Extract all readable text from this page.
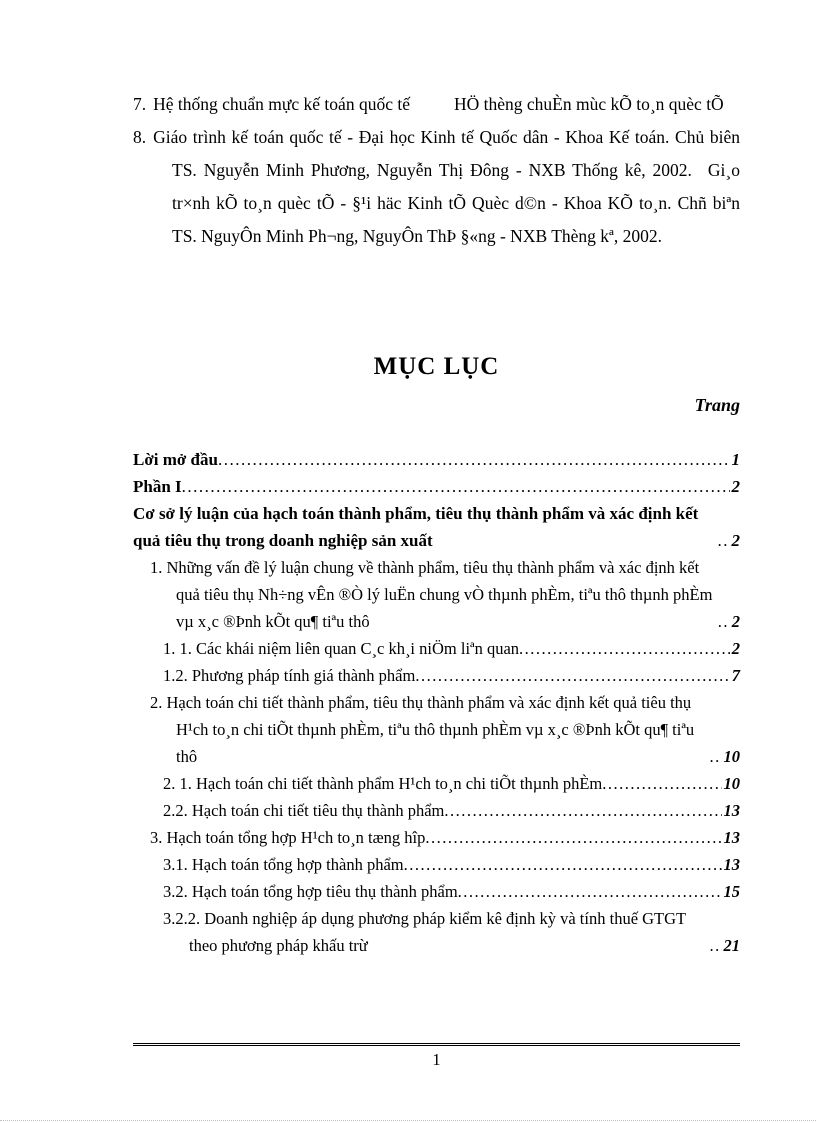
7. Hệ thống chuẩn mực kế toán quốc tế	HÖ thèng chuÈn mùc kÕ to¸n quèc tÕ
8. Giáo trình kế toán quốc tế - Đại học Kinh tế Quốc dân - Khoa Kế toán. Chủ biên TS. Nguyễn Minh Phương, Nguyễn Thị Đông - NXB Thống kê, 2002. Gi¸o tr×nh kÕ to¸n quèc tÕ - §¹i häc Kinh tÕ Quèc d©n - Khoa KÕ to¸n. Chñ biªn TS. NguyÔn Minh Ph¬ng, NguyÔn ThÞ §«ng - NXB Thèng kª, 2002.
MỤC LỤC
Trang
Lời mở đầu .....	1
Phần I .....	2
Cơ sở lý luận của hạch toán thành phẩm, tiêu thụ thành phẩm và xác định kết quả tiêu thụ trong doanh nghiệp sản xuất .....	2
1. Những vấn đề lý luận chung về thành phẩm, tiêu thụ thành phẩm và xác định kết quả tiêu thụ Nh÷ng vÊn ®Ò lý luËn chung vÒ thµnh phÈm, tiªu thô thµnh phÈm vµ x¸c ®Þnh kÕt qu¶ tiªu thô .....	2
1. 1. Các khái niệm liên quan C¸c kh¸i niÖm liªn quan .....	2
1.2. Phương pháp tính giá thành phẩm .....	7
2. Hạch toán chi tiết thành phẩm, tiêu thụ thành phẩm và xác định kết quả tiêu thụ H¹ch to¸n chi tiÕt thµnh phÈm, tiªu thô thµnh phÈm vµ x¸c ®Þnh kÕt qu¶ tiªu thô .....	10
2. 1. Hạch toán chi tiết thành phẩm H¹ch to¸n chi tiÕt thµnh phÈm .....	10
2.2. Hạch toán chi tiết tiêu thụ thành phẩm .....	13
3. Hạch toán tổng hợp H¹ch to¸n tæng hîp .....	13
3.1. Hạch toán tổng hợp thành phẩm .....	13
3.2. Hạch toán tổng hợp tiêu thụ thành phẩm .....	15
3.2.2. Doanh nghiệp áp dụng phương pháp kiểm kê định kỳ và tính thuế GTGT theo phương pháp khấu trừ .....	21
1
